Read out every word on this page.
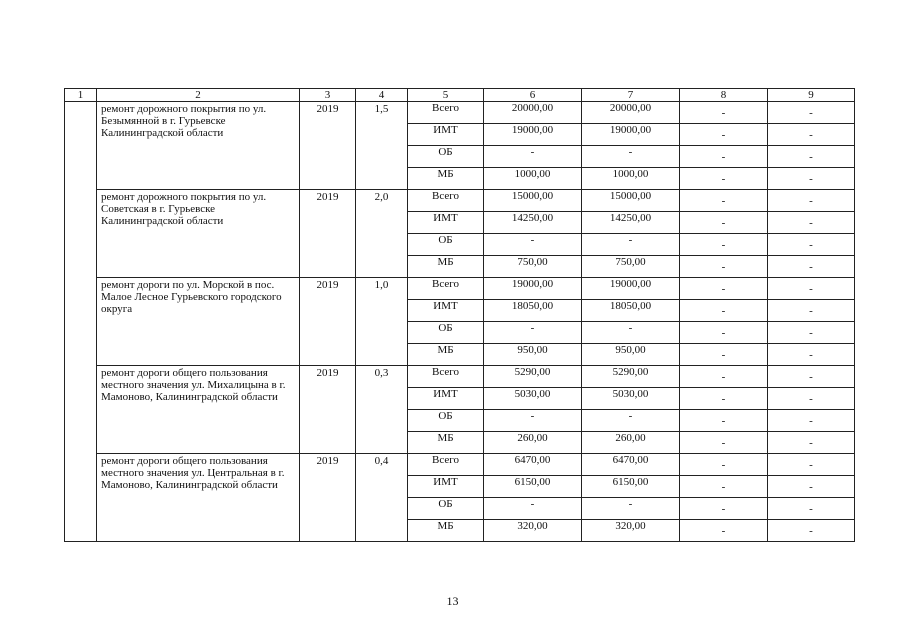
1	2	3	4	5	6	7	8	9
	ремонт дорожного покрытия по ул. Безымянной в г. Гурьевске Калининградской области	2019	1,5	Всего	20000,00	20000,00	-	-
				ИМТ	19000,00	19000,00	-	-
				ОБ	-	-	-	-
				МБ	1000,00	1000,00	-	-
	ремонт дорожного покрытия по ул. Советская в г. Гурьевске Калининградской области	2019	2,0	Всего	15000,00	15000,00	-	-
				ИМТ	14250,00	14250,00	-	-
				ОБ	-	-	-	-
				МБ	750,00	750,00	-	-
	ремонт дороги по ул. Морской в пос. Малое Лесное Гурьевского городского округа	2019	1,0	Всего	19000,00	19000,00	-	-
				ИМТ	18050,00	18050,00	-	-
				ОБ	-	-	-	-
				МБ	950,00	950,00	-	-
	ремонт дороги общего пользования местного значения ул. Михалицына в г. Мамоново, Калининградской области	2019	0,3	Всего	5290,00	5290,00	-	-
				ИМТ	5030,00	5030,00	-	-
				ОБ	-	-	-	-
				МБ	260,00	260,00	-	-
	ремонт дороги общего пользования местного значения ул. Центральная в г. Мамоново, Калининградской области	2019	0,4	Всего	6470,00	6470,00	-	-
				ИМТ	6150,00	6150,00	-	-
				ОБ	-	-	-	-
				МБ	320,00	320,00	-	-
13
